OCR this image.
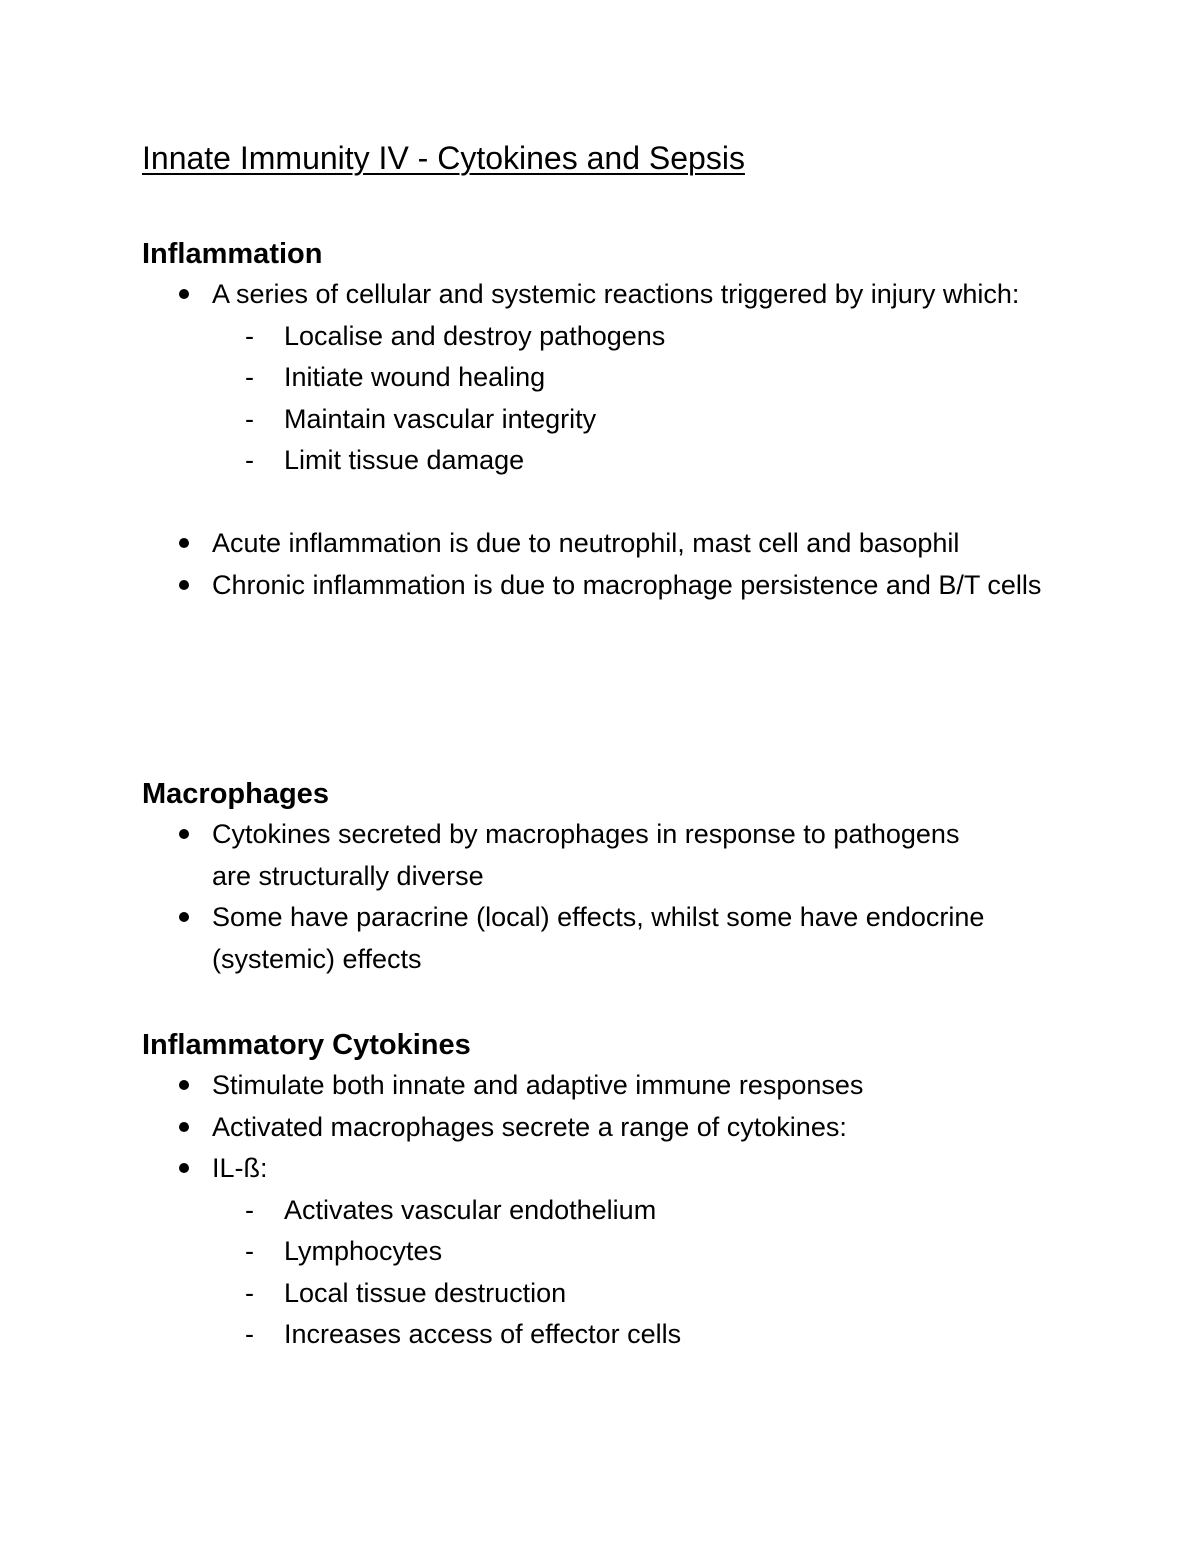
Innate Immunity IV - Cytokines and Sepsis
Inflammation
A series of cellular and systemic reactions triggered by injury which:
- Localise and destroy pathogens
- Initiate wound healing
- Maintain vascular integrity
- Limit tissue damage
Acute inflammation is due to neutrophil, mast cell and basophil
Chronic inflammation is due to macrophage persistence and B/T cells
Macrophages
Cytokines secreted by macrophages in response to pathogens are structurally diverse
Some have paracrine (local) effects, whilst some have endocrine (systemic) effects
Inflammatory Cytokines
Stimulate both innate and adaptive immune responses
Activated macrophages secrete a range of cytokines:
IL-ß:
- Activates vascular endothelium
- Lymphocytes
- Local tissue destruction
- Increases access of effector cells
